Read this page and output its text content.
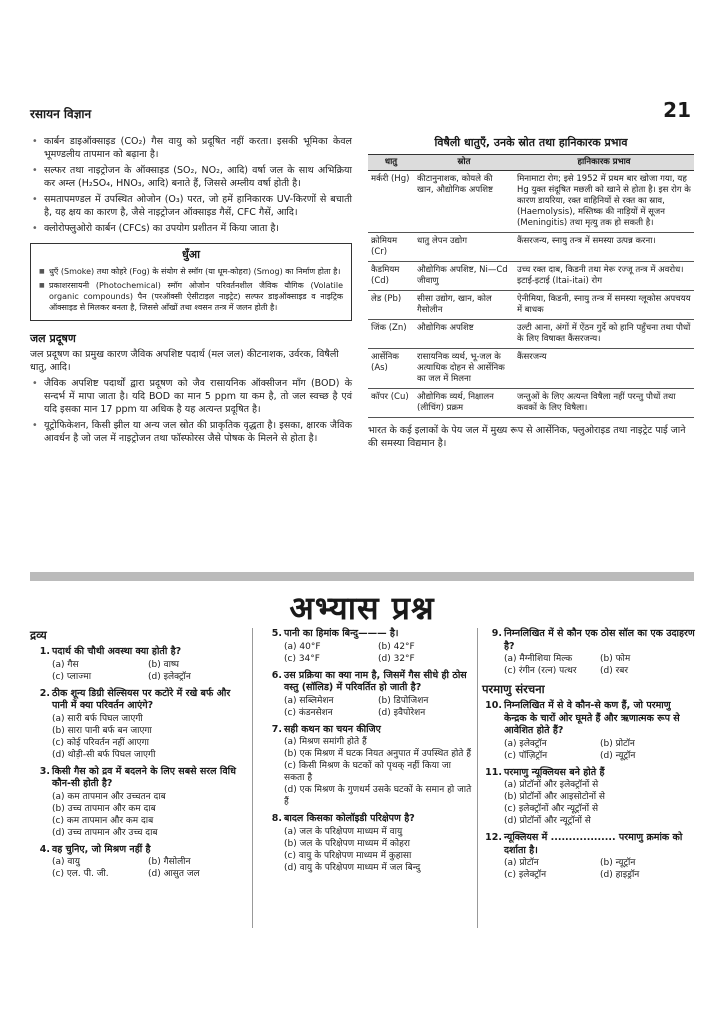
रसायन विज्ञान	21
• कार्बन डाइऑक्साइड (CO₂) गैस वायु को प्रदूषित नहीं करता। इसकी भूमिका केवल भूमण्डलीय तापमान को बढ़ाना है।
• सल्फर तथा नाइट्रोजन के ऑक्साइड (SO₂, NO₂, आदि) वर्षा जल के साथ अभिक्रिया कर अम्ल (H₂SO₄, HNO₃, आदि) बनाते हैं, जिससे अम्लीय वर्षा होती है।
• समतापमण्डल में उपस्थित ओजोन (O₃) परत, जो हमें हानिकारक UV-किरणों से बचाती है, यह क्षय का कारण है, जैसे नाइट्रोजन ऑक्साइड गैसें, CFC गैसें, आदि।
• क्लोरोफ्लुओरो कार्बन (CFCs) का उपयोग प्रशीतन में किया जाता है।
धुँआ
■ धुएँ (Smoke) तथा कोहरे (Fog) के संयोग से स्मॉग (या धूम-कोहरा) (Smog) का निर्माण होता है।
■ प्रकाशरसायनी (Photochemical) स्मॉग ओजोन परिवर्तनशील जैविक यौगिक (Volatile organic compounds) पैन (परऑक्सी ऐसीटाइल नाइट्रेट) सल्फर डाइऑक्साइड व नाइट्रिक ऑक्साइड से मिलकर बनता है, जिससे आँखों तथा श्वसन तन्त्र में जलन होती है।
जल प्रदूषण
जल प्रदूषण का प्रमुख कारण जैविक अपशिष्ट पदार्थ (मल जल) कीटनाशक, उर्वरक, विषैली धातु, आदि।
• जैविक अपशिष्ट पदार्थों द्वारा प्रदूषण को जैव रासायनिक ऑक्सीजन माँग (BOD) के सन्दर्भ में मापा जाता है। यदि BOD का मान 5 ppm या कम है, तो जल स्वच्छ है एवं यदि इसका मान 17 ppm या अधिक है यह अत्यन्त प्रदूषित है।
• यूट्रोफिकेशन, किसी झील या अन्य जल स्रोत की प्राकृतिक वृद्धता है। इसका, क्षारक जैविक आवर्धन है जो जल में नाइट्रोजन तथा फॉस्फोरस जैसे पोषक के मिलने से होता है।
विषैली धातुएँ, उनके स्रोत तथा हानिकारक प्रभाव
धातु	स्रोत	हानिकारक प्रभाव
मर्करी (Hg)	कीटानुनाशक, कोयले की खान, औद्योगिक अपशिष्ट	मिनामाटा रोग; इसे 1952 में प्रथम बार खोजा गया, यह Hg युक्त संदूषित मछली को खाने से होता है। इस रोग के कारण डायरिया, रक्त वाहिनियों से रक्त का स्राव, (Haemolysis), मस्तिष्क की नाड़ियों में सूजन (Meningitis) तथा मृत्यु तक हो सकती है।
क्रोमियम (Cr)	धातु लेपन उद्योग	कैंसरजन्य, स्नायु तन्त्र में समस्या उत्पन्न करना।
कैडमियम (Cd)	औद्योगिक अपशिष्ट, Ni—Cd जीवाणु	उच्च रक्त दाब, किडनी तथा मेरू रज्जू तन्त्र में अवरोध। इटाई-इटाई (Itai-itai) रोग
लेड (Pb)	सीसा उद्योग, खान, कोल गैसोलीन	ऐनीमिया, किडनी, स्नायु तन्त्र में समस्या ग्लूकोस अपचयय में बाधक
जिंक (Zn)	औद्योगिक अपशिष्ट	उल्टी आना, अंगों में ऐंठन गुर्दे को हानि पहुँचना तथा पौधों के लिए विषाक्त कैंसरजन्य।
आर्सेनिक (As)	रासायनिक व्यर्थ, भू-जल के अत्याधिक दोहन से आर्सेनिक का जल में मिलना	कैंसरजन्य
कॉपर (Cu)	औद्योगिक व्यर्थ, निक्षालन (लीचिंग) प्रक्रम	जन्तुओं के लिए अत्यन्त विषैला नहीं परन्तु पौधों तथा कवकों के लिए विषैला।
भारत के कई इलाकों के पेय जल में मुख्य रूप से आर्सेनिक, फ्लुओराइड तथा नाइट्रेट पाई जाने की समस्या विद्यमान है।
अभ्यास प्रश्न
द्रव्य
1. पदार्थ की चौथी अवस्था क्या होती है?
(a) गैस	(b) वाष्प
(c) प्लाज्मा	(d) इलेक्ट्रॉन
2. ठीक शून्य डिग्री सेल्सियस पर कटोरे में रखे बर्फ और पानी में क्या परिवर्तन आएंगे?
(a) सारी बर्फ पिघल जाएगी
(b) सारा पानी बर्फ बन जाएगा
(c) कोई परिवर्तन नहीं आएगा
(d) थोड़ी-सी बर्फ पिघल जाएगी
3. किसी गैस को द्रव में बदलने के लिए सबसे सरल विधि कौन-सी होती है?
(a) कम तापमान और उच्चतन दाब
(b) उच्च तापमान और कम दाब
(c) कम तापमान और कम दाब
(d) उच्च तापमान और उच्च दाब
4. वह चुनिए, जो मिश्रण नहीं है
(a) वायु	(b) गैसोलीन
(c) एल. पी. जी.	(d) आसुत जल
5. पानी का हिमांक बिन्दु——— है।
(a) 40°F	(b) 42°F
(c) 34°F	(d) 32°F
6. उस प्रक्रिया का क्या नाम है, जिसमें गैस सीधे ही ठोस वस्तु (सॉलिड) में परिवर्तित हो जाती है?
(a) सब्लिमेशन	(b) डिपोजिशन
(c) कंडनसेशन	(d) इवैपोरेशन
7. सही कथन का चयन कीजिए
(a) मिश्रण समांगी होते हैं
(b) एक मिश्रण में घटक नियत अनुपात में उपस्थित होते हैं
(c) किसी मिश्रण के घटकों को पृथक् नहीं किया जा सकता है
(d) एक मिश्रण के गुणधर्म उसके घटकों के समान हो जाते हैं
8. बादल किसका कोलॉइडी परिक्षेपण है?
(a) जल के परिक्षेपण माध्यम में वायु
(b) जल के परिक्षेपण माध्यम में कोहरा
(c) वायु के परिक्षेपण माध्यम में कुहासा
(d) वायु के परिक्षेपण माध्यम में जल बिन्दु
9. निम्नलिखित में से कौन एक ठोस सॉल का एक उदाहरण है?
(a) मैग्नीशिया मिल्क	(b) फोम
(c) रंगीन (रत्न) पत्थर	(d) रबर
परमाणु संरचना
10. निम्नलिखित में से वे कौन-से कण हैं, जो परमाणु केन्द्रक के चारों ओर घूमते हैं और ऋणात्मक रूप से आवेशित होते हैं?
(a) इलेक्ट्रॉन	(b) प्रोटॉन
(c) पॉज़िट्रॉन	(d) न्यूट्रॉन
11. परमाणु न्यूक्लियस बने होते हैं
(a) प्रोटॉनों और इलेक्ट्रॉनों से
(b) प्रोटॉनों और आइसोटोनों से
(c) इलेक्ट्रॉनों और न्यूट्रॉनों से
(d) प्रोटॉनों और न्यूट्रॉनों से
12. न्यूक्लियस में .................. परमाणु क्रमांक को दर्शाता है।
(a) प्रोटॉन	(b) न्यूट्रॉन
(c) इलेक्ट्रॉन	(d) हाइड्रॉन
